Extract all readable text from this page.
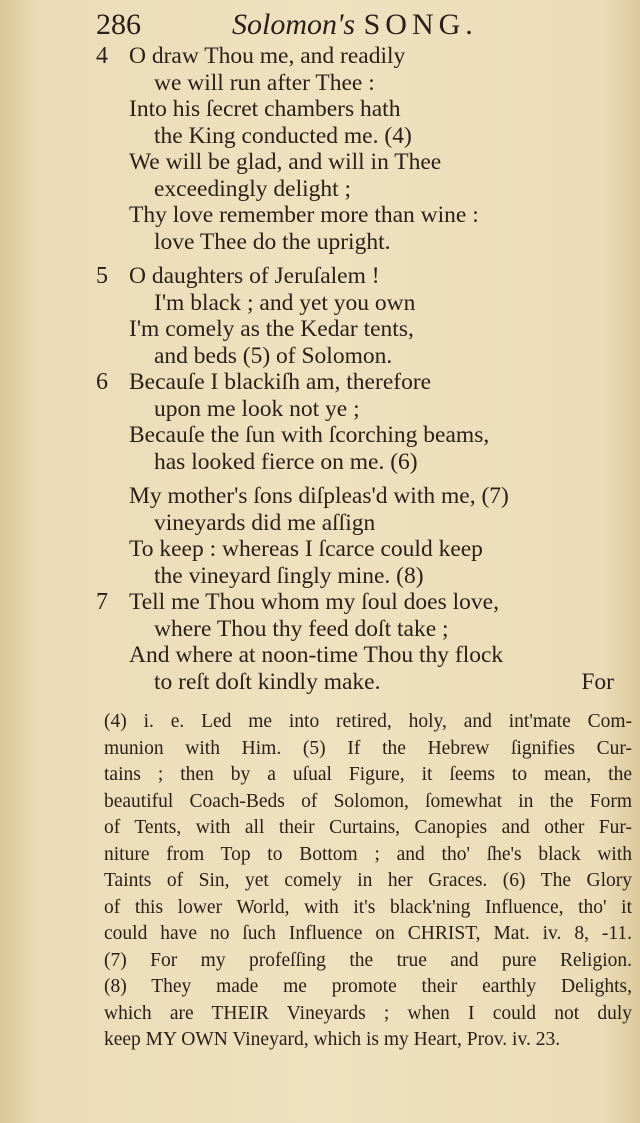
286	Solomon's SONG.
4 O draw Thou me, and readily
we will run after Thee :
Into his ſecret chambers hath
the King conducted me. (4)
We will be glad, and will in Thee
exceedingly delight ;
Thy love remember more than wine :
love Thee do the upright.
5 O daughters of Jeruſalem !
I'm black ; and yet you own
I'm comely as the Kedar tents,
and beds (5) of Solomon.
6 Becauſe I blackiſh am, therefore
upon me look not ye ;
Becauſe the ſun with ſcorching beams,
has looked fierce on me. (6)
My mother's ſons diſpleas'd with me, (7)
vineyards did me aſſign
To keep : whereas I ſcarce could keep
the vineyard ſingly mine. (8)
7 Tell me Thou whom my ſoul does love,
where Thou thy feed doſt take ;
And where at noon-time Thou thy flock
to reſt doſt kindly make.	For
(4) i. e. Led me into retired, holy, and int'mate Com-
munion with Him. (5) If the Hebrew ſignifies Cur-
tains ; then by a uſual Figure, it ſeems to mean, the
beautiful Coach-Beds of Solomon, ſomewhat in the Form
of Tents, with all their Curtains, Canopies and other Fur-
niture from Top to Bottom ; and tho' ſhe's black with
Taints of Sin, yet comely in her Graces. (6) The Glory
of this lower World, with it's black'ning Influence, tho' it
could have no ſuch Influence on CHRIST, Mat. iv. 8, -11.
(7) For my profeſſing the true and pure Religion.
(8) They made me promote their earthly Delights,
which are THEIR Vineyards ; when I could not duly
keep MY OWN Vineyard, which is my Heart, Prov. iv. 23.
